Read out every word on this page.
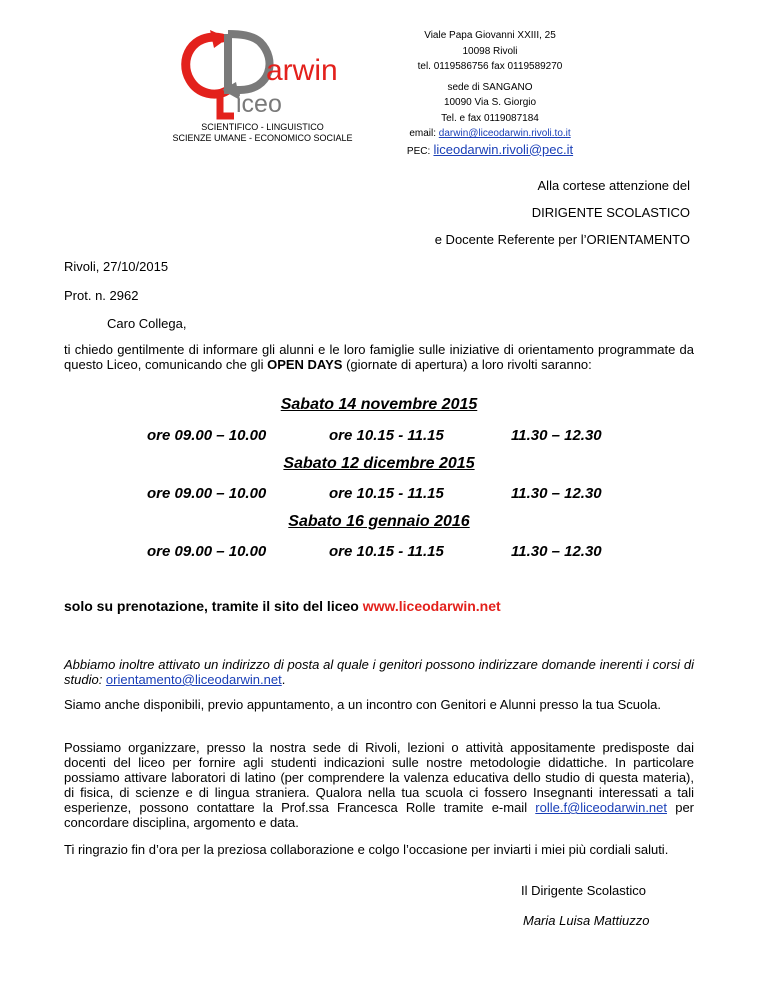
arwin
iceo
SCIENTIFICO - LINGUISTICO
SCIENZE UMANE - ECONOMICO SOCIALE
Viale Papa Giovanni XXIII, 25
10098 Rivoli
tel. 0119586756 fax 0119589270
sede di SANGANO
10090 Via S. Giorgio
Tel. e fax 0119087184
email: darwin@liceodarwin.rivoli.to.it
PEC: liceodarwin.rivoli@pec.it
Alla cortese attenzione del
DIRIGENTE SCOLASTICO
e Docente Referente per l’ORIENTAMENTO
Rivoli, 27/10/2015
Prot. n. 2962
Caro Collega,
ti chiedo gentilmente di informare gli alunni e le loro famiglie sulle iniziative di orientamento programmate da questo Liceo, comunicando che gli OPEN DAYS (giornate di apertura) a loro rivolti saranno:
Sabato 14 novembre 2015
ore 09.00 – 10.00	ore 10.15 - 11.15	11.30 – 12.30
Sabato 12 dicembre 2015
ore 09.00 – 10.00	ore 10.15 - 11.15	11.30 – 12.30
Sabato 16 gennaio 2016
ore 09.00 – 10.00	ore 10.15 - 11.15	11.30 – 12.30
solo su prenotazione, tramite il sito del liceo www.liceodarwin.net
Abbiamo inoltre attivato un indirizzo di posta al quale i genitori possono indirizzare domande inerenti i corsi di studio: orientamento@liceodarwin.net.
Siamo anche disponibili, previo appuntamento, a un incontro con Genitori e Alunni presso la tua Scuola.
Possiamo organizzare, presso la nostra sede di Rivoli, lezioni o attività appositamente predisposte dai docenti del liceo per fornire agli studenti indicazioni sulle nostre metodologie didattiche. In particolare possiamo attivare laboratori di latino (per comprendere la valenza educativa dello studio di questa materia), di fisica, di scienze e di lingua straniera. Qualora nella tua scuola ci fossero Insegnanti interessati a tali esperienze, possono contattare la Prof.ssa Francesca Rolle tramite e-mail rolle.f@liceodarwin.net per concordare disciplina, argomento e data.
Ti ringrazio fin d’ora per la preziosa collaborazione e colgo l’occasione per inviarti i miei più cordiali saluti.
Il Dirigente Scolastico
Maria Luisa Mattiuzzo
